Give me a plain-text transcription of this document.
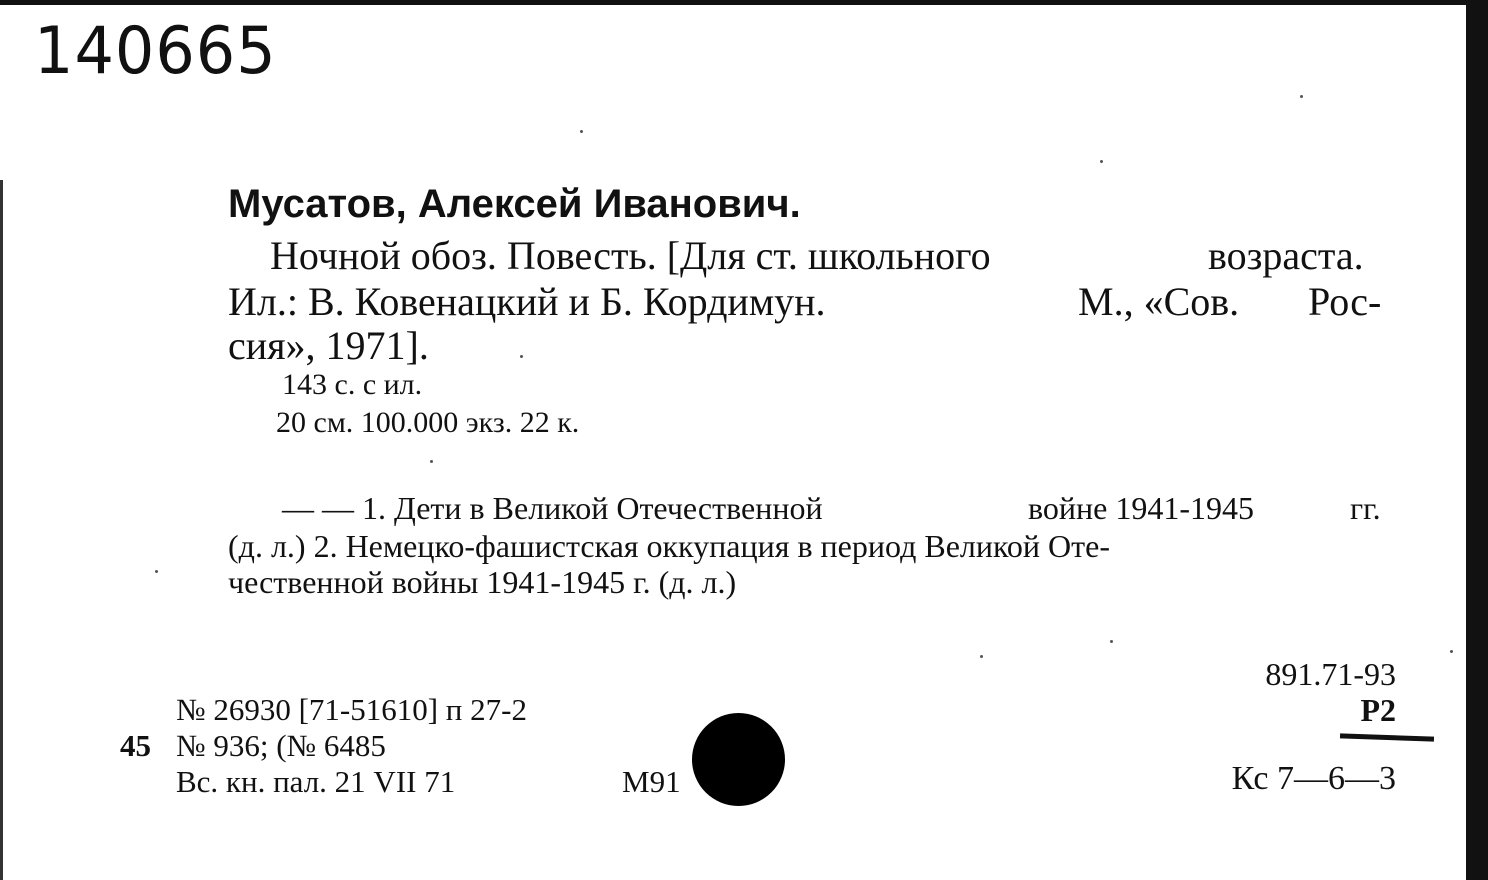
140665
Мусатов, Алексей Иванович.
Ночной обоз. Повесть. [Для ст. школьного	возраста.
Ил.: В. Ковенацкий и Б. Кордимун.	М., «Сов. Рос-
сия», 1971].
143 с. с ил.
20 см. 100.000 экз. 22 к.
— — 1. Дети в Великой Отечественной	войне 1941-1945	гг.
(д. л.) 2. Немецко-фашистская оккупация в период Великой Оте-
чественной войны 1941-1945 г. (д. л.)
891.71-93
Р2
Кс 7—6—3
№ 26930 [71-51610] п 27-2
45 № 936; (№ 6485
Вс. кн. пал. 21 VII 71	М91
